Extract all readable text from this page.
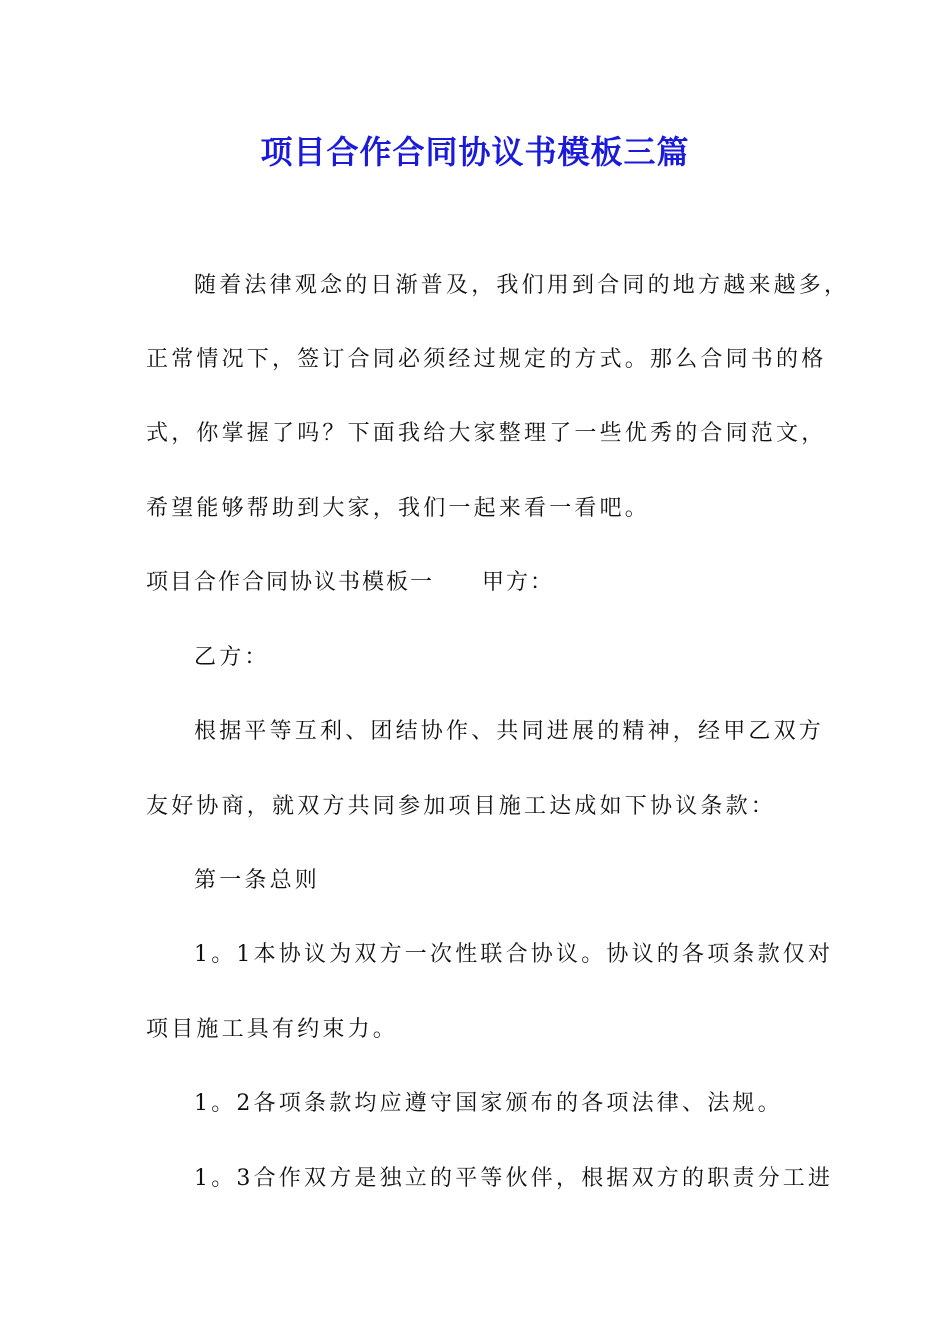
项目合作合同协议书模板三篇
随着法律观念的日渐普及，我们用到合同的地方越来越多，
正常情况下，签订合同必须经过规定的方式。那么合同书的格
式，你掌握了吗？下面我给大家整理了一些优秀的合同范文，
希望能够帮助到大家，我们一起来看一看吧。
项目合作合同协议书模板一　　甲方：
乙方：
根据平等互利、团结协作、共同进展的精神，经甲乙双方
友好协商，就双方共同参加项目施工达成如下协议条款：
第一条总则
1。1本协议为双方一次性联合协议。协议的各项条款仅对
项目施工具有约束力。
1。2各项条款均应遵守国家颁布的各项法律、法规。
1。3合作双方是独立的平等伙伴，根据双方的职责分工进
